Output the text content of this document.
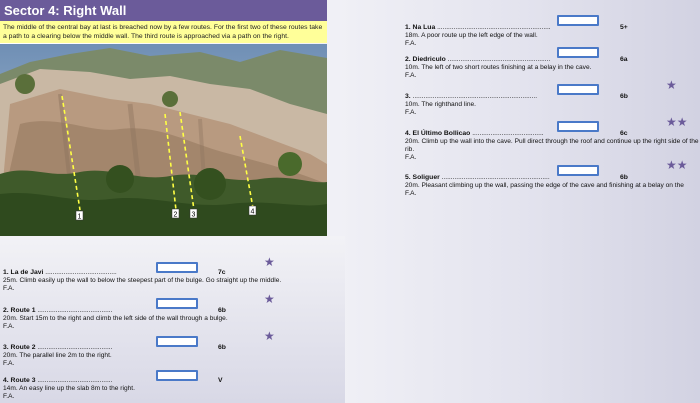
Sector 4: Right Wall
The middle of the central bay at last is breached now by a few routes. For the first two of these routes take a path to a clearing below the middle wall. The third route is approached via a path on the right.
1	2 3	4
1. La de Javi .......................................
25m. Climb easily up the wall to below the steepest part of the bulge. Go straight up the middle.
F.A.
7c
★
2. Route 1 .........................................
20m. Start 15m to the right and climb the left side of the wall through a bulge.
F.A.
6b
★
3. Route 2 .........................................
20m. The parallel line 2m to the right.
F.A.
6b
★
4. Route 3 .........................................
14m. An easy line up the slab 8m to the right.
F.A.
V
1. Na Lua ..............................................................
18m. A poor route up the left edge of the wall.
F.A.
5+
2. Diedriculo ........................................................
10m. The left of two short routes finishing at a belay in the cave.
F.A.
6a
3. ....................................................................
10m. The righthand line.
F.A.
6b
★
4. El Último Bollicao .......................................
20m. Climb up the wall into the cave. Pull direct through the roof and continue up the right side of the rib.
F.A.
6c
★★
5. Soliguer ...........................................................
20m. Pleasant climbing up the wall, passing the edge of the cave and finishing at a belay on the
F.A.
6b
★★
